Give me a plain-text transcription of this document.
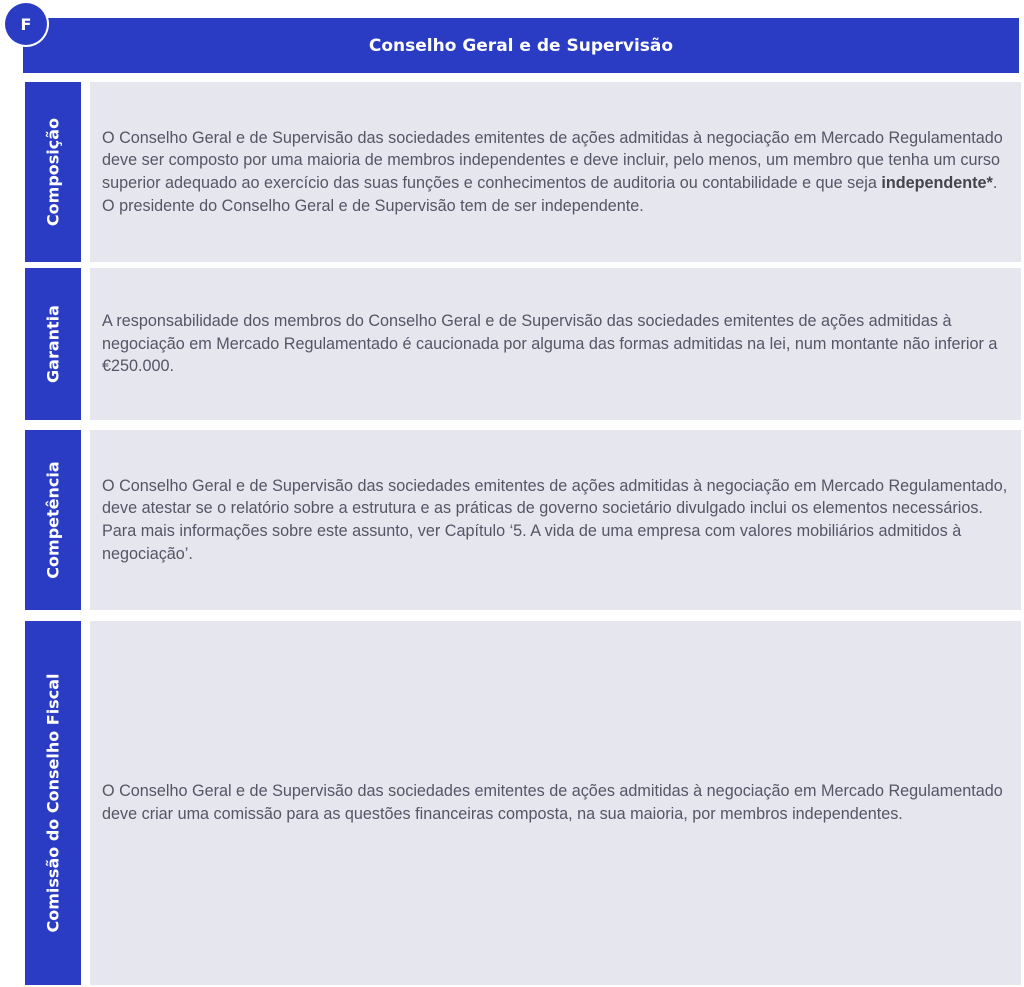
F
Conselho Geral e de Supervisão
Composição O Conselho Geral e de Supervisão das sociedades emitentes de ações admitidas à negociação em Mercado Regulamentado deve ser composto por uma maioria de membros independentes e deve incluir, pelo menos, um membro que tenha um curso superior adequado ao exercício das suas funções e conhecimentos de auditoria ou contabilidade e que seja independente*. O presidente do Conselho Geral e de Supervisão tem de ser independente.

Garantia A responsabilidade dos membros do Conselho Geral e de Supervisão das sociedades emitentes de ações admitidas à negociação em Mercado Regulamentado é caucionada por alguma das formas admitidas na lei, num montante não inferior a €250.000.

Competência O Conselho Geral e de Supervisão das sociedades emitentes de ações admitidas à negociação em Mercado Regulamentado, deve atestar se o relatório sobre a estrutura e as práticas de governo societário divulgado inclui os elementos necessários. Para mais informações sobre este assunto, ver Capítulo ‘5. A vida de uma empresa com valores mobiliários admitidos à negociação’.

Comissão do Conselho Fiscal O Conselho Geral e de Supervisão das sociedades emitentes de ações admitidas à negociação em Mercado Regulamentado deve criar uma comissão para as questões financeiras composta, na sua maioria, por membros independentes.
